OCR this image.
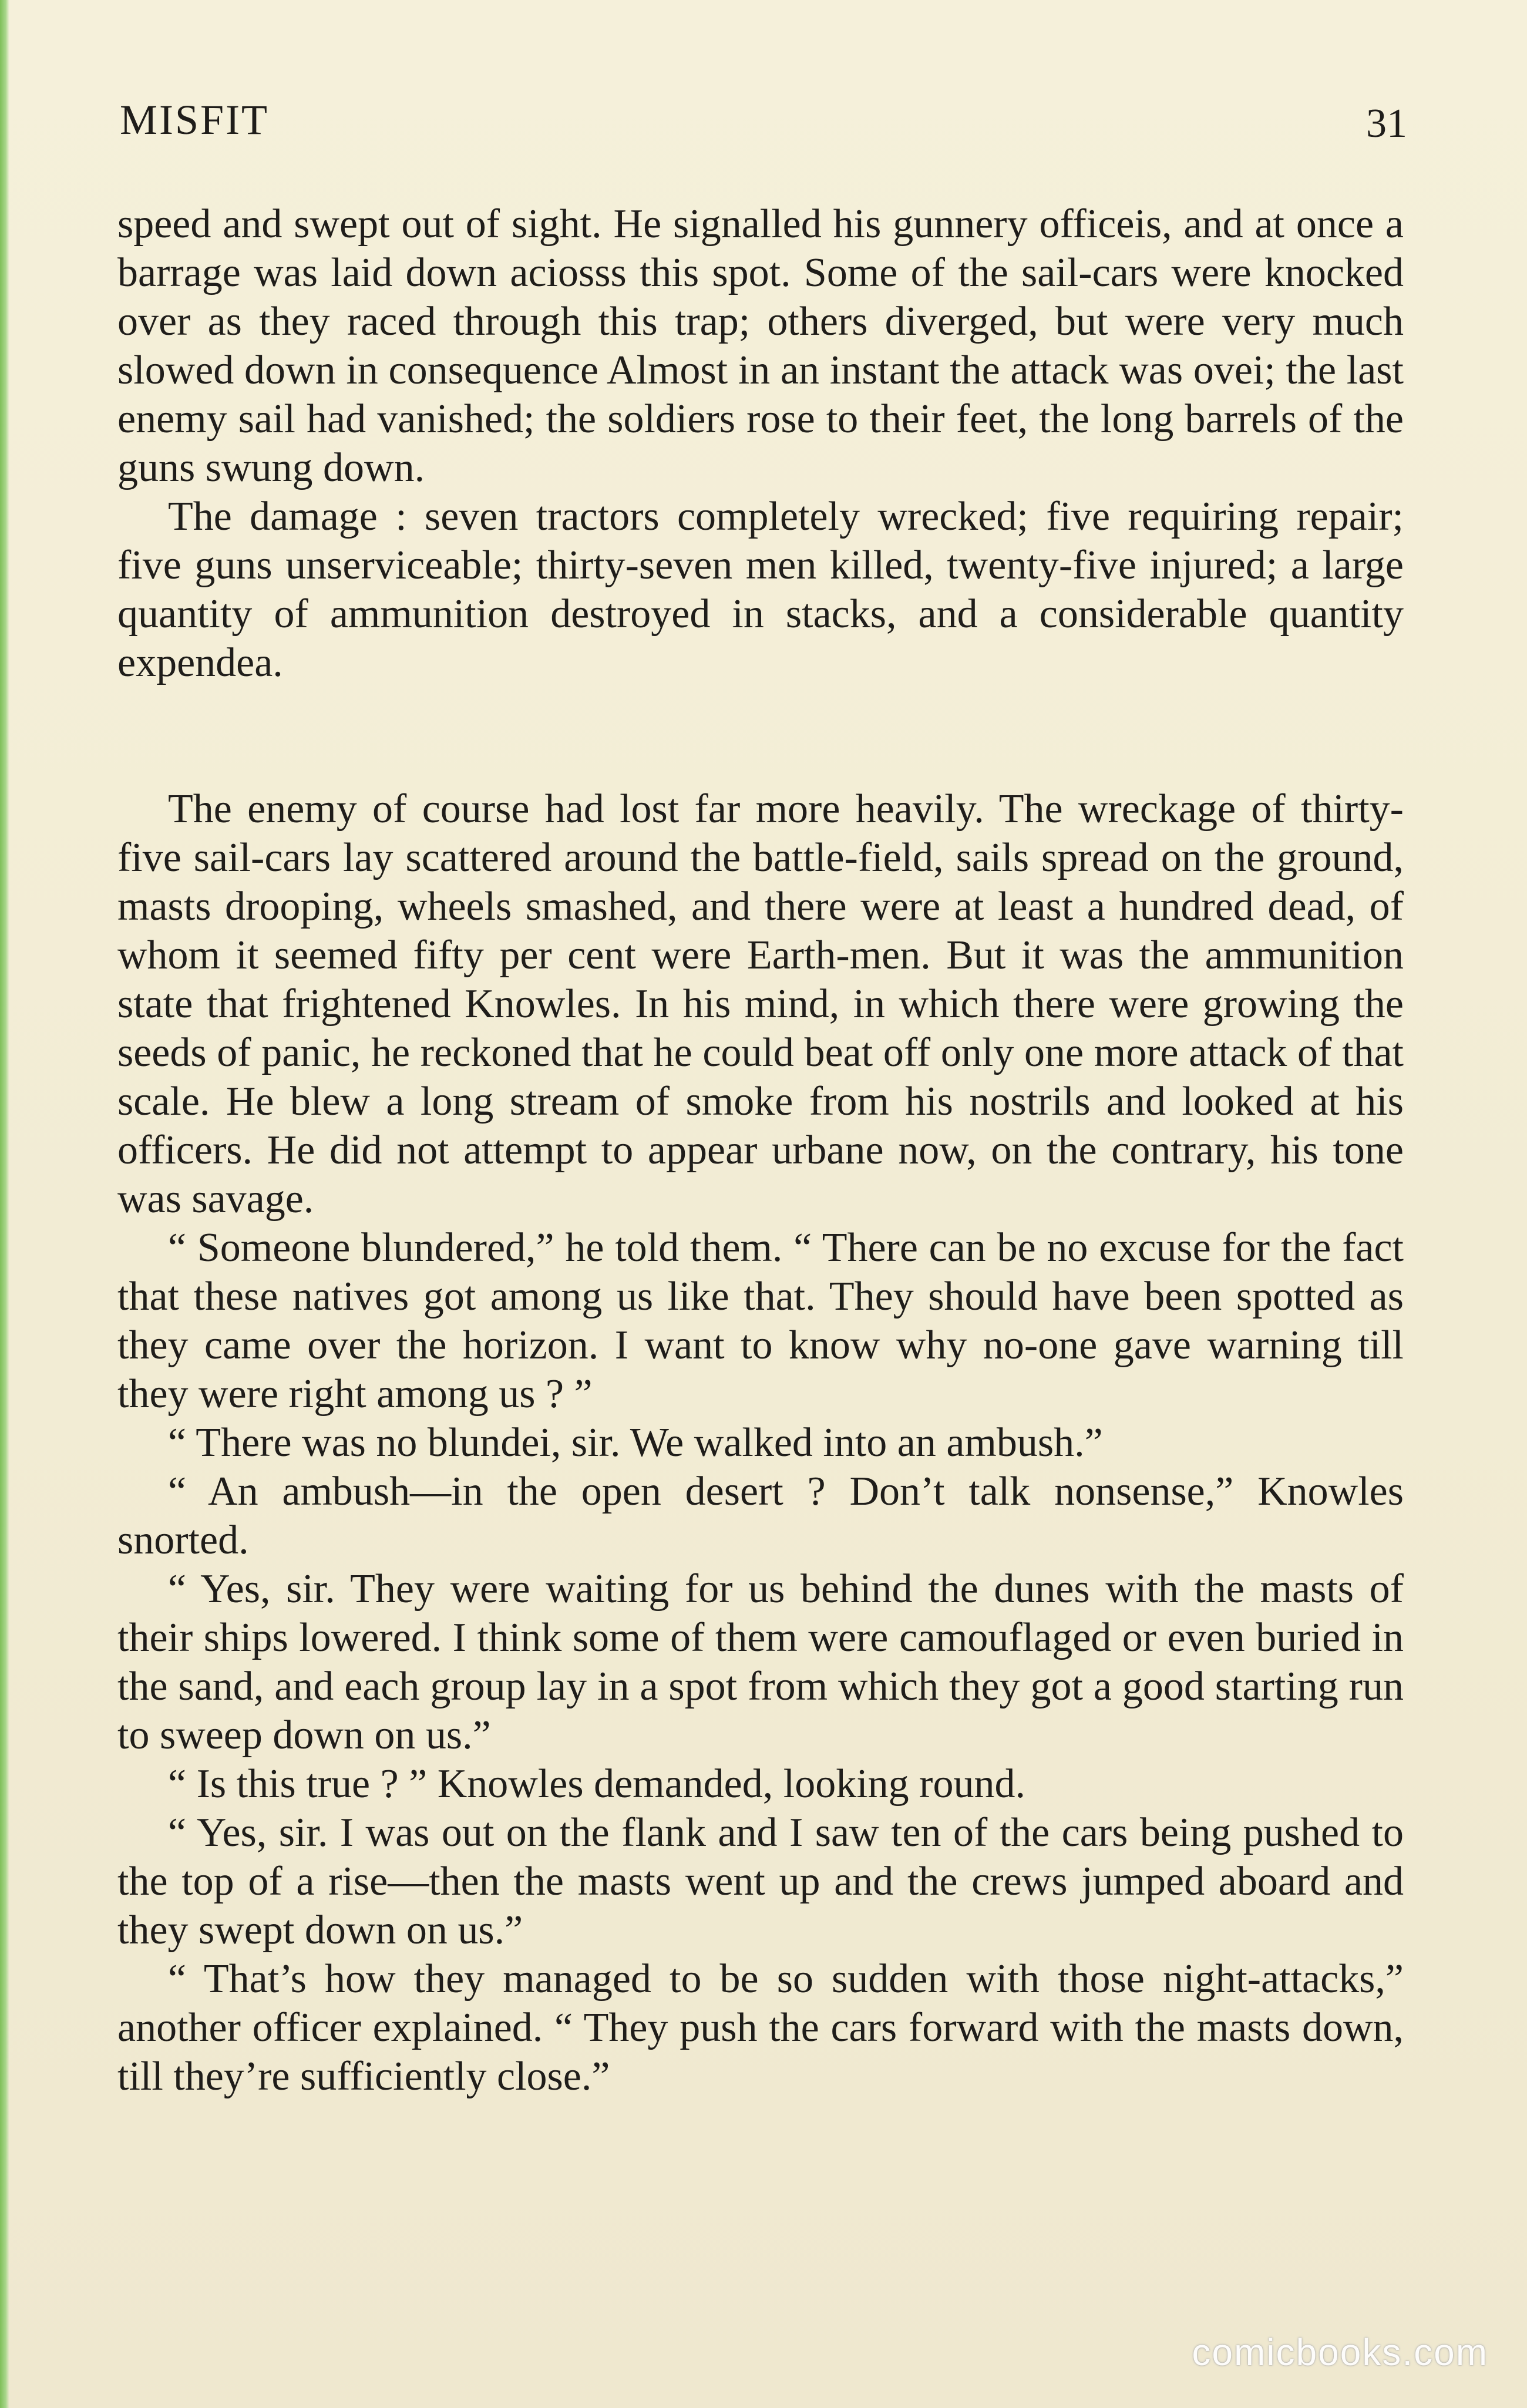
MISFIT	31

speed and swept out of sight. He signalled his gunnery officeis, and at once a barrage was laid down aciosss this spot. Some of the sail-cars were knocked over as they raced through this trap; others diverged, but were very much slowed down in consequence Almost in an instant the attack was ovei; the last enemy sail had vanished; the soldiers rose to their feet, the long barrels of the guns swung down.

The damage : seven tractors completely wrecked; five requiring repair; five guns unserviceable; thirty-seven men killed, twenty-five injured; a large quantity of ammunition destroyed in stacks, and a considerable quantity expendea.

The enemy of course had lost far more heavily. The wreckage of thirty-five sail-cars lay scattered around the battle-field, sails spread on the ground, masts drooping, wheels smashed, and there were at least a hundred dead, of whom it seemed fifty per cent were Earth-men. But it was the ammunition state that frightened Knowles. In his mind, in which there were growing the seeds of panic, he reckoned that he could beat off only one more attack of that scale. He blew a long stream of smoke from his nostrils and looked at his officers. He did not attempt to appear urbane now, on the contrary, his tone was savage.

“ Someone blundered,” he told them. “ There can be no excuse for the fact that these natives got among us like that. They should have been spotted as they came over the horizon. I want to know why no-one gave warning till they were right among us ? ”

“ There was no blundei, sir. We walked into an ambush.”

“ An ambush—in the open desert ? Don’t talk nonsense,” Knowles snorted.

“ Yes, sir. They were waiting for us behind the dunes with the masts of their ships lowered. I think some of them were camouflaged or even buried in the sand, and each group lay in a spot from which they got a good starting run to sweep down on us.”

“ Is this true ? ” Knowles demanded, looking round.

“ Yes, sir. I was out on the flank and I saw ten of the cars being pushed to the top of a rise—then the masts went up and the crews jumped aboard and they swept down on us.”

“ That’s how they managed to be so sudden with those night-attacks,” another officer explained. “ They push the cars forward with the masts down, till they’re sufficiently close.”

comicbooks.com
